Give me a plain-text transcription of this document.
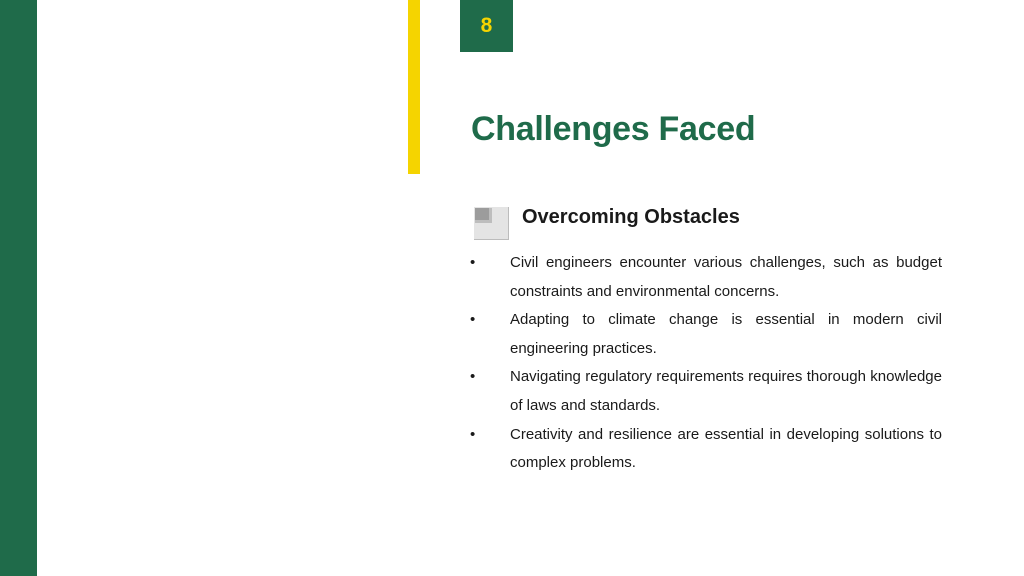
8
Challenges Faced
Overcoming Obstacles
• Civil engineers encounter various challenges, such as budget constraints and environmental concerns.
• Adapting to climate change is essential in modern civil engineering practices.
• Navigating regulatory requirements requires thorough knowledge of laws and standards.
• Creativity and resilience are essential in developing solutions to complex problems.
